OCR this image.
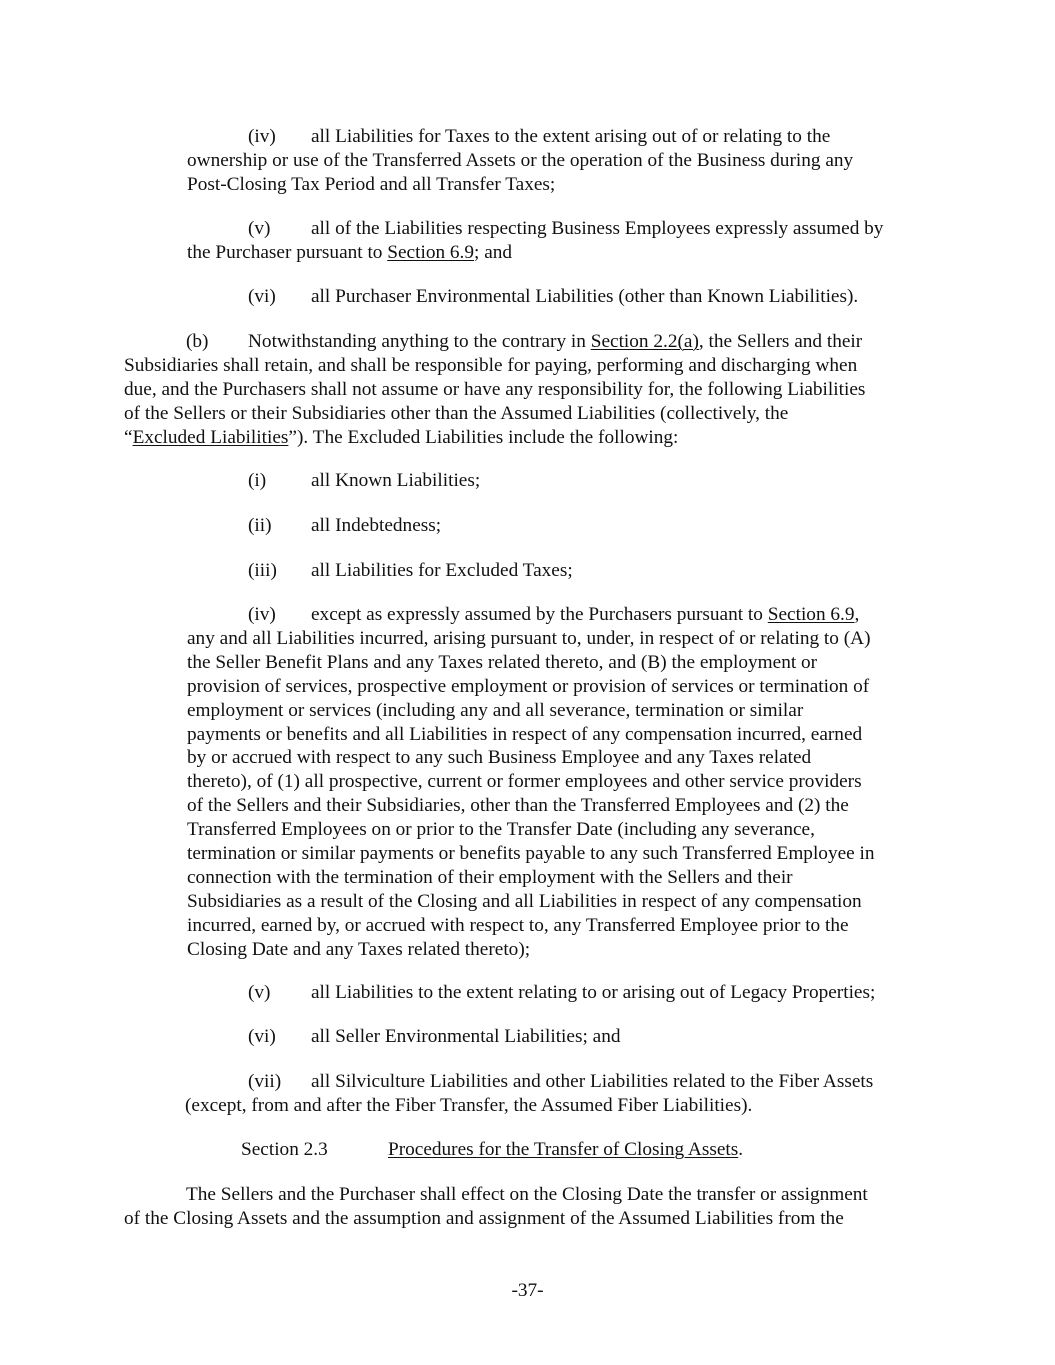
(iv) all Liabilities for Taxes to the extent arising out of or relating to the
ownership or use of the Transferred Assets or the operation of the Business during any
Post-Closing Tax Period and all Transfer Taxes;
(v) all of the Liabilities respecting Business Employees expressly assumed by
the Purchaser pursuant to Section 6.9; and
(vi) all Purchaser Environmental Liabilities (other than Known Liabilities).
(b) Notwithstanding anything to the contrary in Section 2.2(a), the Sellers and their
Subsidiaries shall retain, and shall be responsible for paying, performing and discharging when
due, and the Purchasers shall not assume or have any responsibility for, the following Liabilities
of the Sellers or their Subsidiaries other than the Assumed Liabilities (collectively, the
“Excluded Liabilities”). The Excluded Liabilities include the following:
(i) all Known Liabilities;
(ii) all Indebtedness;
(iii) all Liabilities for Excluded Taxes;
(iv) except as expressly assumed by the Purchasers pursuant to Section 6.9,
any and all Liabilities incurred, arising pursuant to, under, in respect of or relating to (A)
the Seller Benefit Plans and any Taxes related thereto, and (B) the employment or
provision of services, prospective employment or provision of services or termination of
employment or services (including any and all severance, termination or similar
payments or benefits and all Liabilities in respect of any compensation incurred, earned
by or accrued with respect to any such Business Employee and any Taxes related
thereto), of (1) all prospective, current or former employees and other service providers
of the Sellers and their Subsidiaries, other than the Transferred Employees and (2) the
Transferred Employees on or prior to the Transfer Date (including any severance,
termination or similar payments or benefits payable to any such Transferred Employee in
connection with the termination of their employment with the Sellers and their
Subsidiaries as a result of the Closing and all Liabilities in respect of any compensation
incurred, earned by, or accrued with respect to, any Transferred Employee prior to the
Closing Date and any Taxes related thereto);
(v) all Liabilities to the extent relating to or arising out of Legacy Properties;
(vi) all Seller Environmental Liabilities; and
(vii) all Silviculture Liabilities and other Liabilities related to the Fiber Assets
(except, from and after the Fiber Transfer, the Assumed Fiber Liabilities).
Section 2.3	Procedures for the Transfer of Closing Assets.
The Sellers and the Purchaser shall effect on the Closing Date the transfer or assignment
of the Closing Assets and the assumption and assignment of the Assumed Liabilities from the
-37-
